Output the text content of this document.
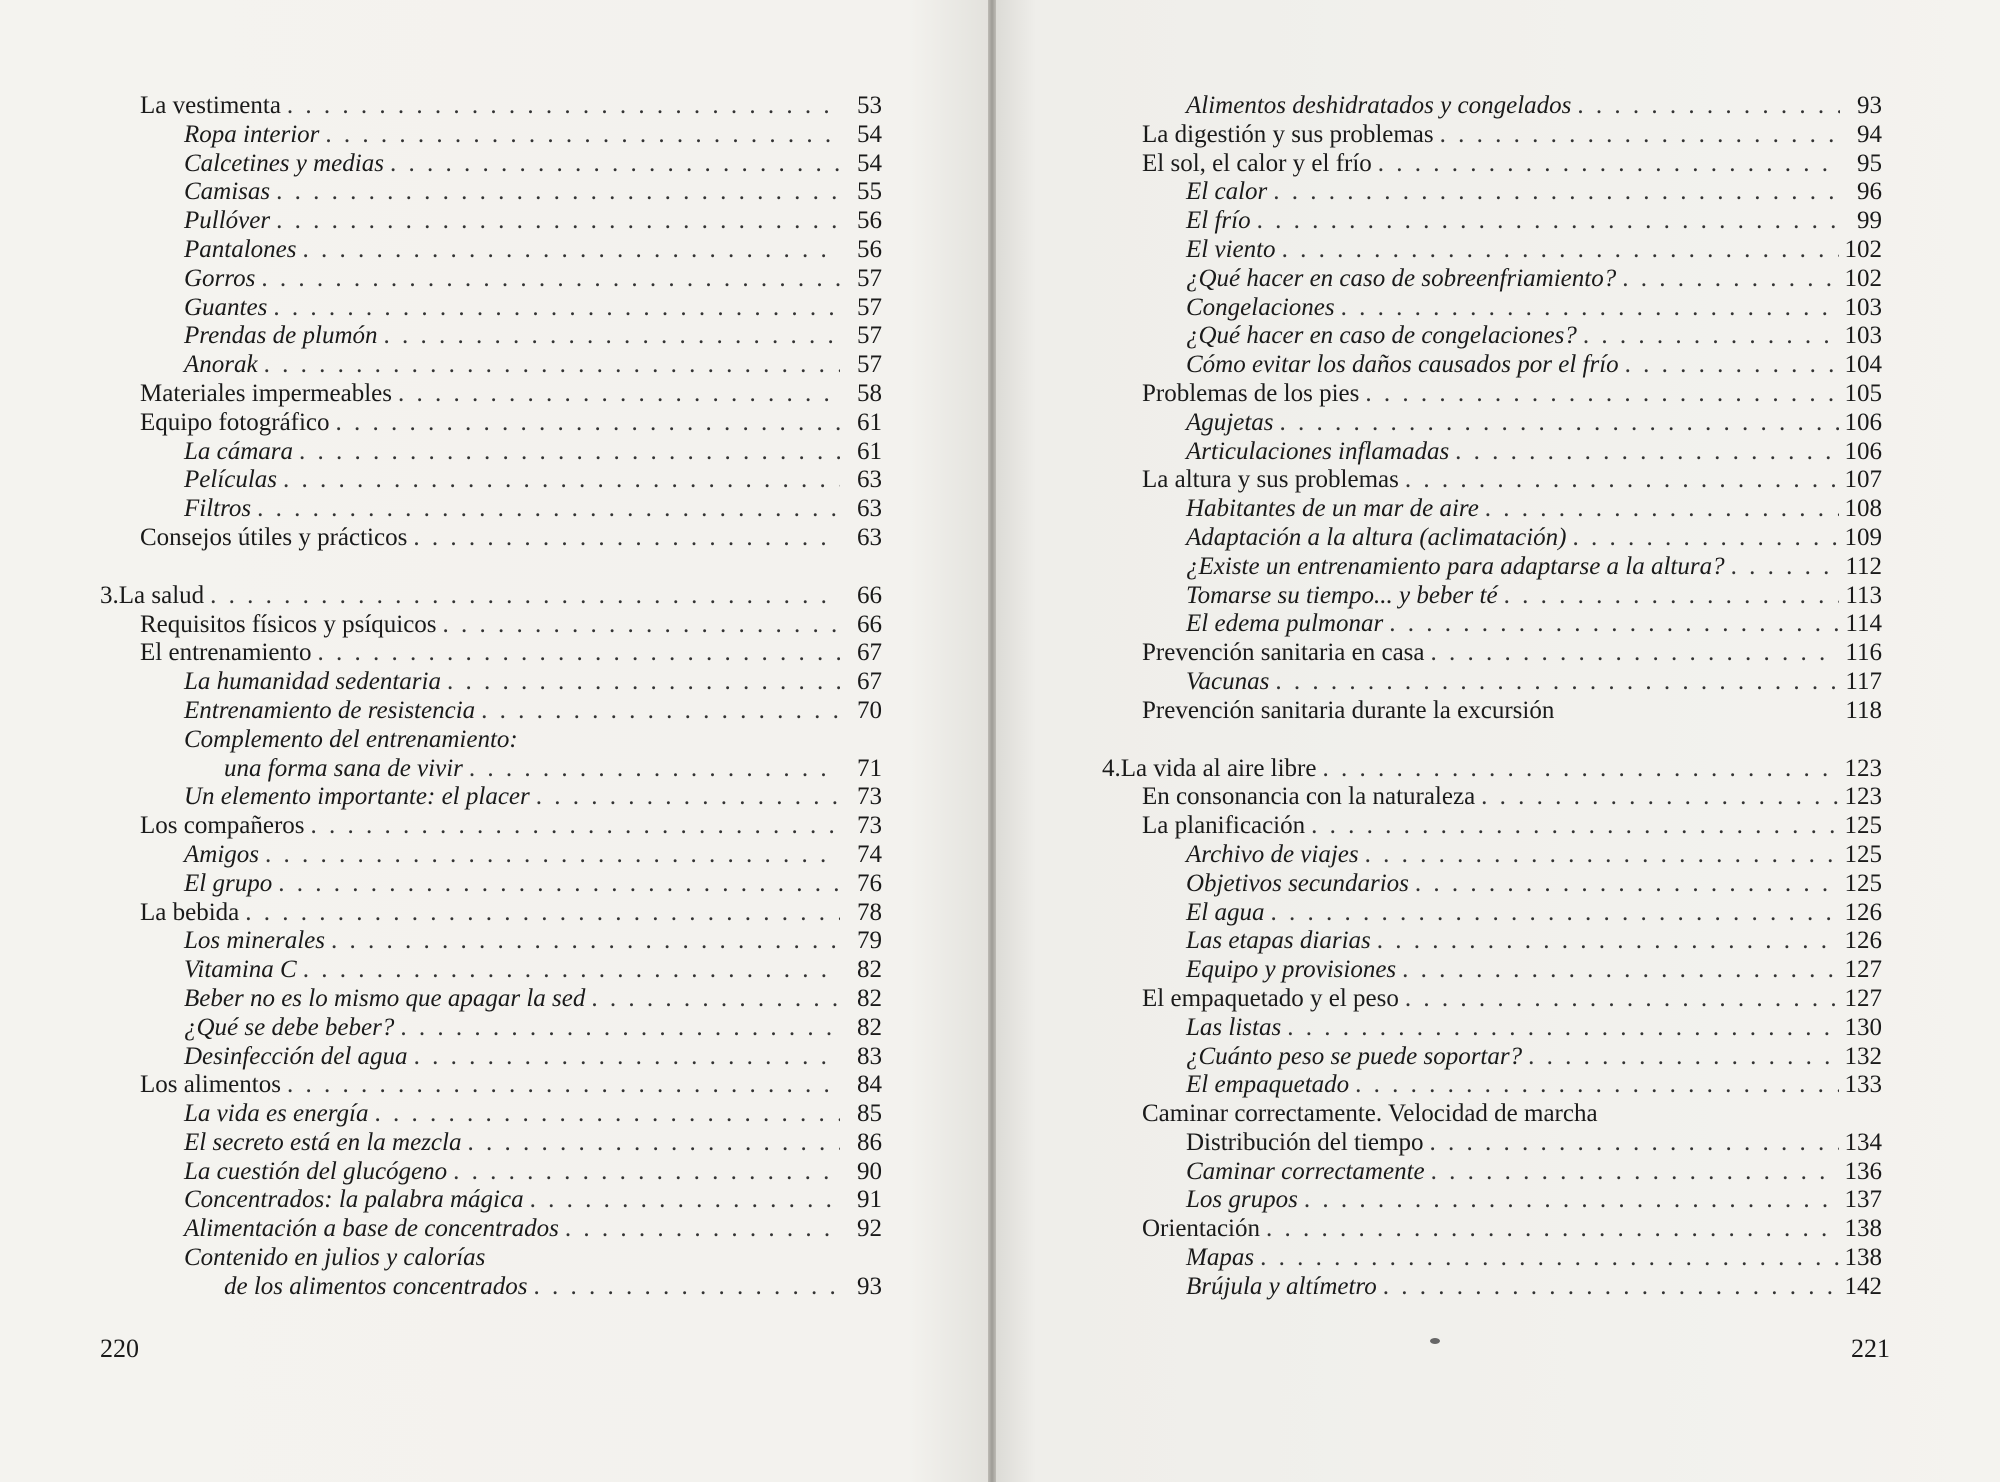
La vestimenta . . .	53
Ropa interior . . .	54
Calcetines y medias . . .	54
Camisas . . .	55
Pullóver . . .	56
Pantalones . . .	56
Gorros . . .	57
Guantes . . .	57
Prendas de plumón . . .	57
Anorak . . .	57
Materiales impermeables . . .	58
Equipo fotográfico . . .	61
La cámara . . .	61
Películas . . .	63
Filtros . . .	63
Consejos útiles y prácticos . . .	63
3. La salud . . .	66
Requisitos físicos y psíquicos . . .	66
El entrenamiento . . .	67
La humanidad sedentaria . . .	67
Entrenamiento de resistencia . . .	70
Complemento del entrenamiento:
una forma sana de vivir . . .	71
Un elemento importante: el placer . . .	73
Los compañeros . . .	73
Amigos . . .	74
El grupo . . .	76
La bebida . . .	78
Los minerales . . .	79
Vitamina C . . .	82
Beber no es lo mismo que apagar la sed . . .	82
¿Qué se debe beber? . . .	82
Desinfección del agua . . .	83
Los alimentos . . .	84
La vida es energía . . .	85
El secreto está en la mezcla . . .	86
La cuestión del glucógeno . . .	90
Concentrados: la palabra mágica . . .	91
Alimentación a base de concentrados . . .	92
Contenido en julios y calorías
de los alimentos concentrados . . .	93
220
Alimentos deshidratados y congelados . . .	93
La digestión y sus problemas . . .	94
El sol, el calor y el frío . . .	95
El calor . . .	96
El frío . . .	99
El viento . . .	102
¿Qué hacer en caso de sobreenfriamiento? . . .	102
Congelaciones . . .	103
¿Qué hacer en caso de congelaciones? . . .	103
Cómo evitar los daños causados por el frío . . .	104
Problemas de los pies . . .	105
Agujetas . . .	106
Articulaciones inflamadas . . .	106
La altura y sus problemas . . .	107
Habitantes de un mar de aire . . .	108
Adaptación a la altura (aclimatación) . . .	109
¿Existe un entrenamiento para adaptarse a la altura? . . .	112
Tomarse su tiempo... y beber té . . .	113
El edema pulmonar . . .	114
Prevención sanitaria en casa . . .	116
Vacunas . . .	117
Prevención sanitaria durante la excursión	118
4. La vida al aire libre . . .	123
En consonancia con la naturaleza . . .	123
La planificación . . .	125
Archivo de viajes . . .	125
Objetivos secundarios . . .	125
El agua . . .	126
Las etapas diarias . . .	126
Equipo y provisiones . . .	127
El empaquetado y el peso . . .	127
Las listas . . .	130
¿Cuánto peso se puede soportar? . . .	132
El empaquetado . . .	133
Caminar correctamente. Velocidad de marcha
Distribución del tiempo . . .	134
Caminar correctamente . . .	136
Los grupos . . .	137
Orientación . . .	138
Mapas . . .	138
Brújula y altímetro . . .	142
221
